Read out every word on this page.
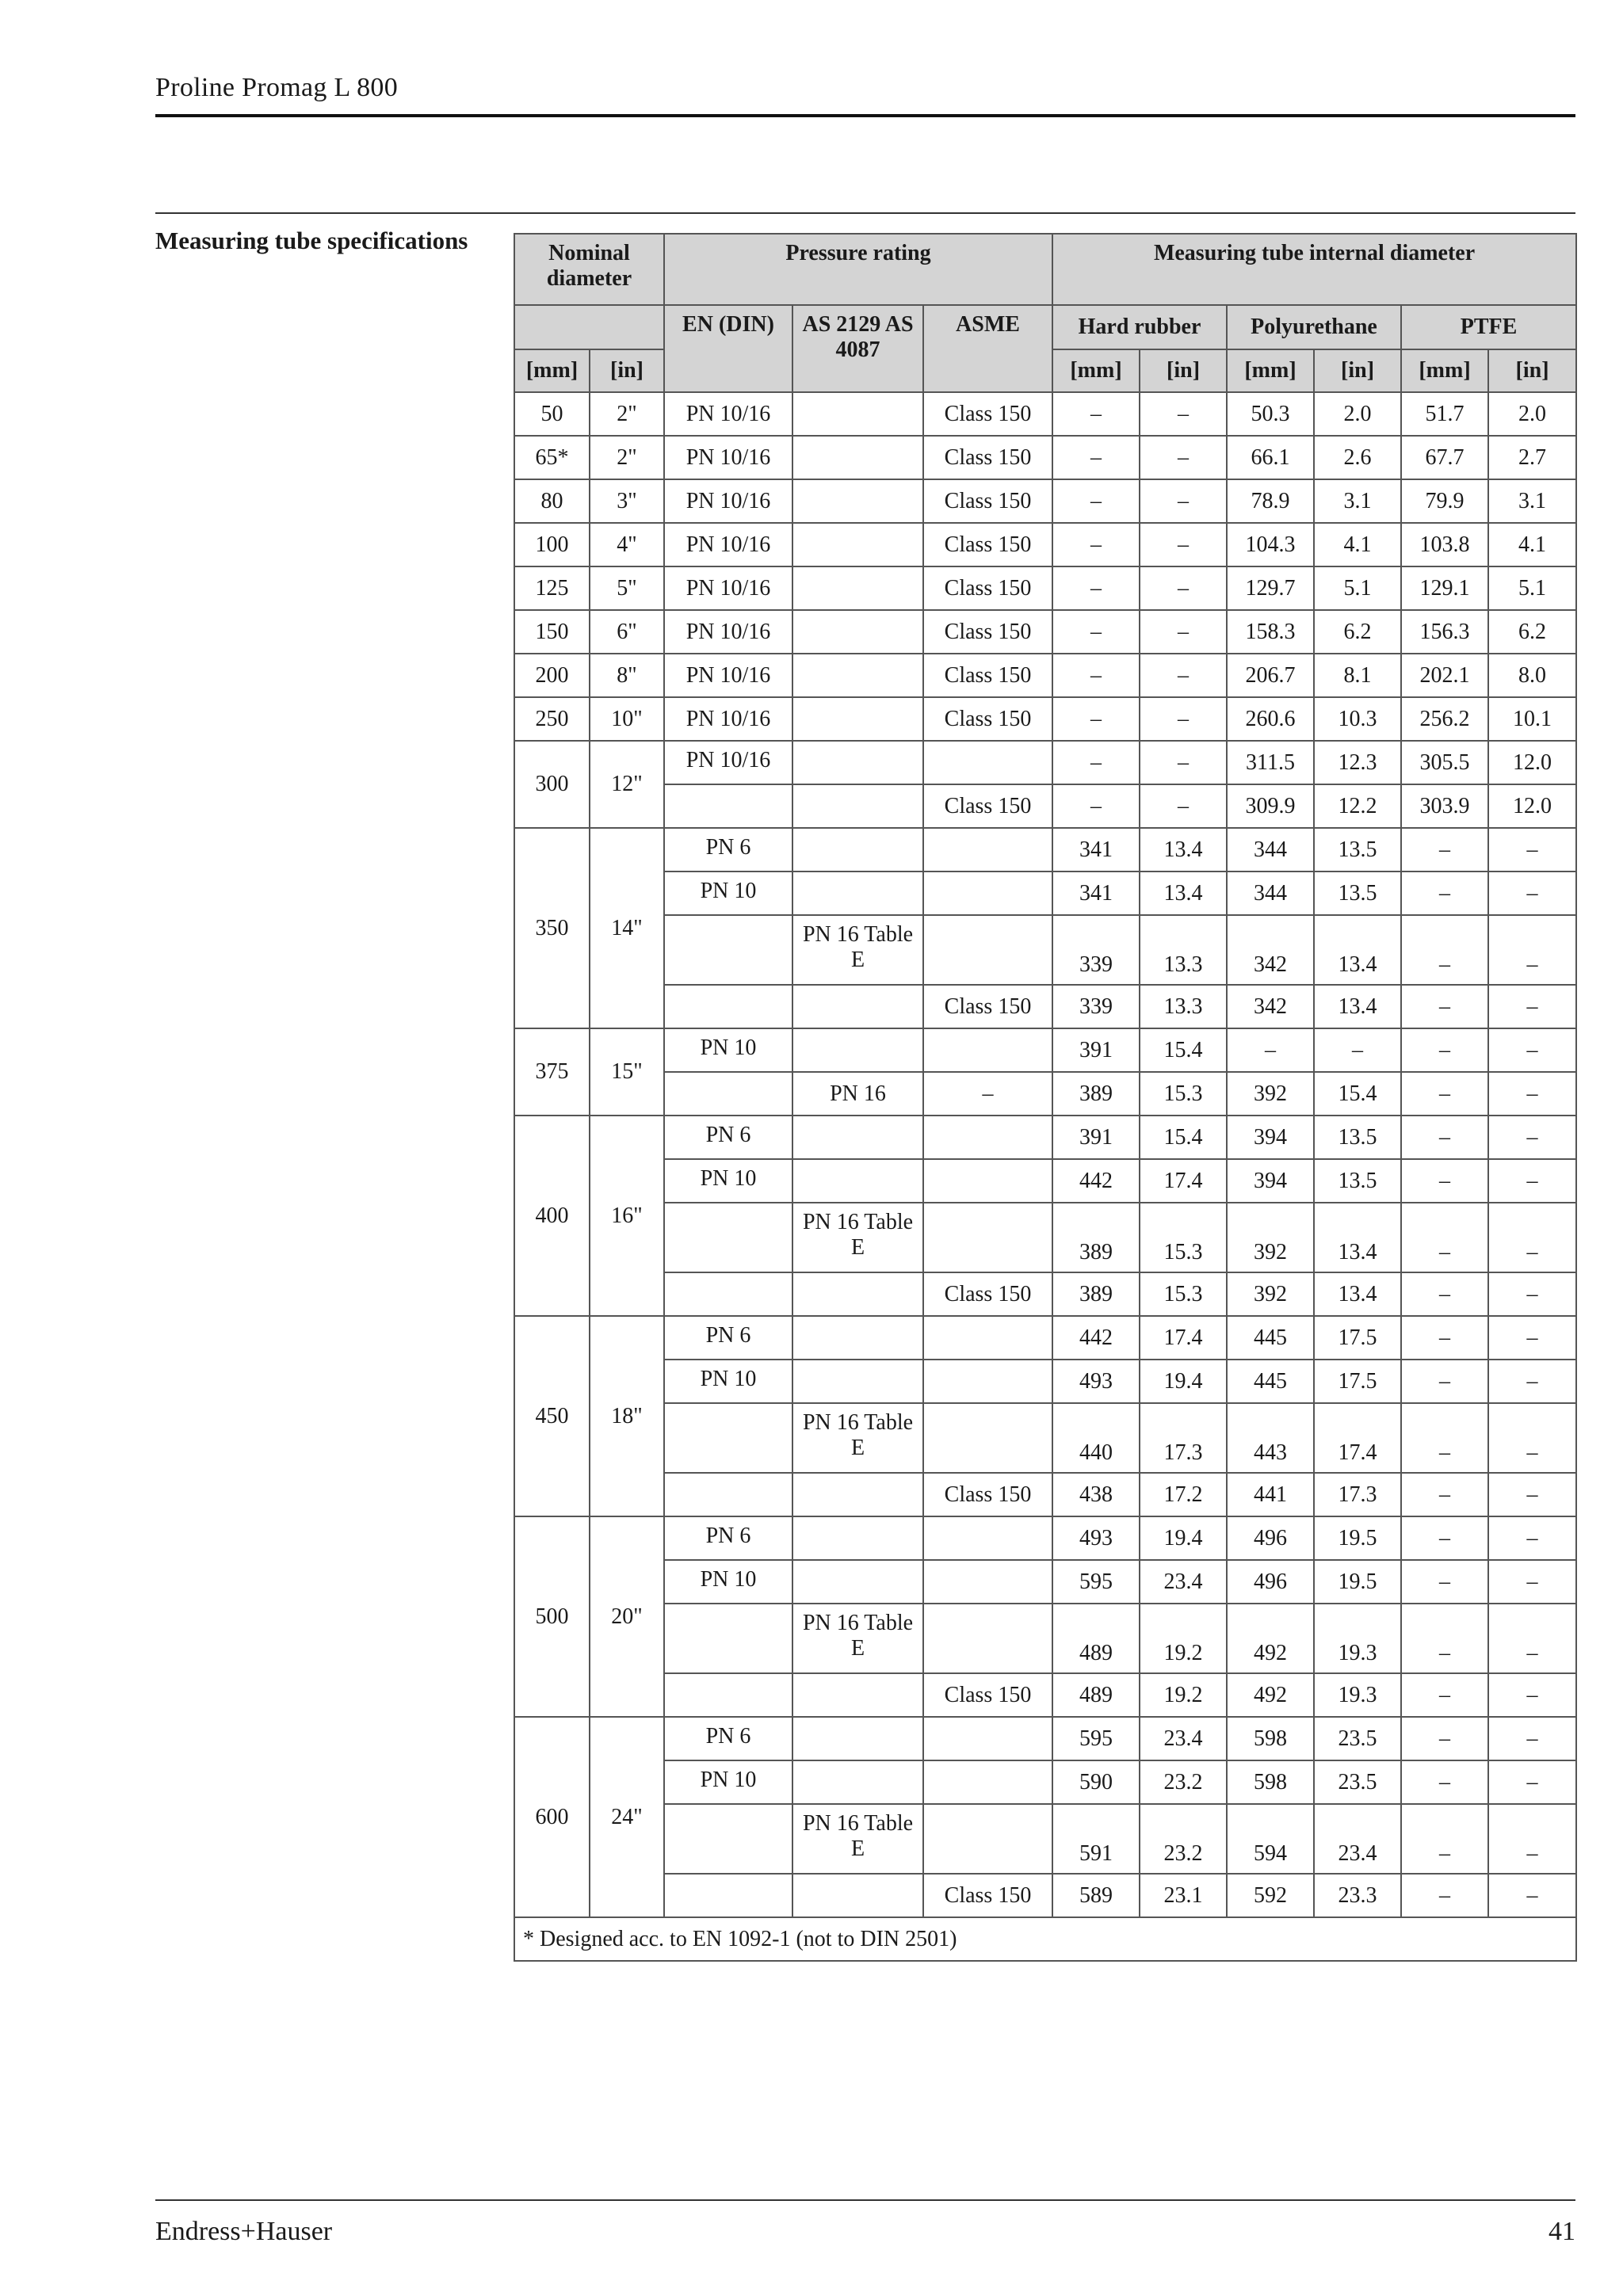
Proline Promag L 800
Measuring tube specifications	Nominal diameter		Pressure rating			Measuring tube internal diameter					
		EN (DIN)	AS 2129 AS 4087	ASME	Hard rubber		Polyurethane		PTFE	
[mm]	[in]				[mm]	[in]	[mm]	[in]	[mm]	[in]
50	2"	PN 10/16		Class 150	–	–	50.3	2.0	51.7	2.0
65*	2"	PN 10/16		Class 150	–	–	66.1	2.6	67.7	2.7
80	3"	PN 10/16		Class 150	–	–	78.9	3.1	79.9	3.1
100	4"	PN 10/16		Class 150	–	–	104.3	4.1	103.8	4.1
125	5"	PN 10/16		Class 150	–	–	129.7	5.1	129.1	5.1
150	6"	PN 10/16		Class 150	–	–	158.3	6.2	156.3	6.2
200	8"	PN 10/16		Class 150	–	–	206.7	8.1	202.1	8.0
250	10"	PN 10/16		Class 150	–	–	260.6	10.3	256.2	10.1
300	12"	PN 10/16			–	–	311.5	12.3	305.5	12.0
				Class 150	–	–	309.9	12.2	303.9	12.0
350	14"	PN 6			341	13.4	344	13.5	–	–
		PN 10			341	13.4	344	13.5	–	–
			PN 16 Table E		339	13.3	342	13.4	–	–
				Class 150	339	13.3	342	13.4	–	–
375	15"	PN 10			391	15.4	–	–	–	–
			PN 16	–	389	15.3	392	15.4	–	–
400	16"	PN 6			391	15.4	394	13.5	–	–
		PN 10			442	17.4	394	13.5	–	–
			PN 16 Table E		389	15.3	392	13.4	–	–
				Class 150	389	15.3	392	13.4	–	–
450	18"	PN 6			442	17.4	445	17.5	–	–
		PN 10			493	19.4	445	17.5	–	–
			PN 16 Table E		440	17.3	443	17.4	–	–
				Class 150	438	17.2	441	17.3	–	–
500	20"	PN 6			493	19.4	496	19.5	–	–
		PN 10			595	23.4	496	19.5	–	–
			PN 16 Table E		489	19.2	492	19.3	–	–
				Class 150	489	19.2	492	19.3	–	–
600	24"	PN 6			595	23.4	598	23.5	–	–
		PN 10			590	23.2	598	23.5	–	–
			PN 16 Table E		591	23.2	594	23.4	–	–
				Class 150	589	23.1	592	23.3	–	–
* Designed acc. to EN 1092-1 (not to DIN 2501)										
Endress+Hauser	41
